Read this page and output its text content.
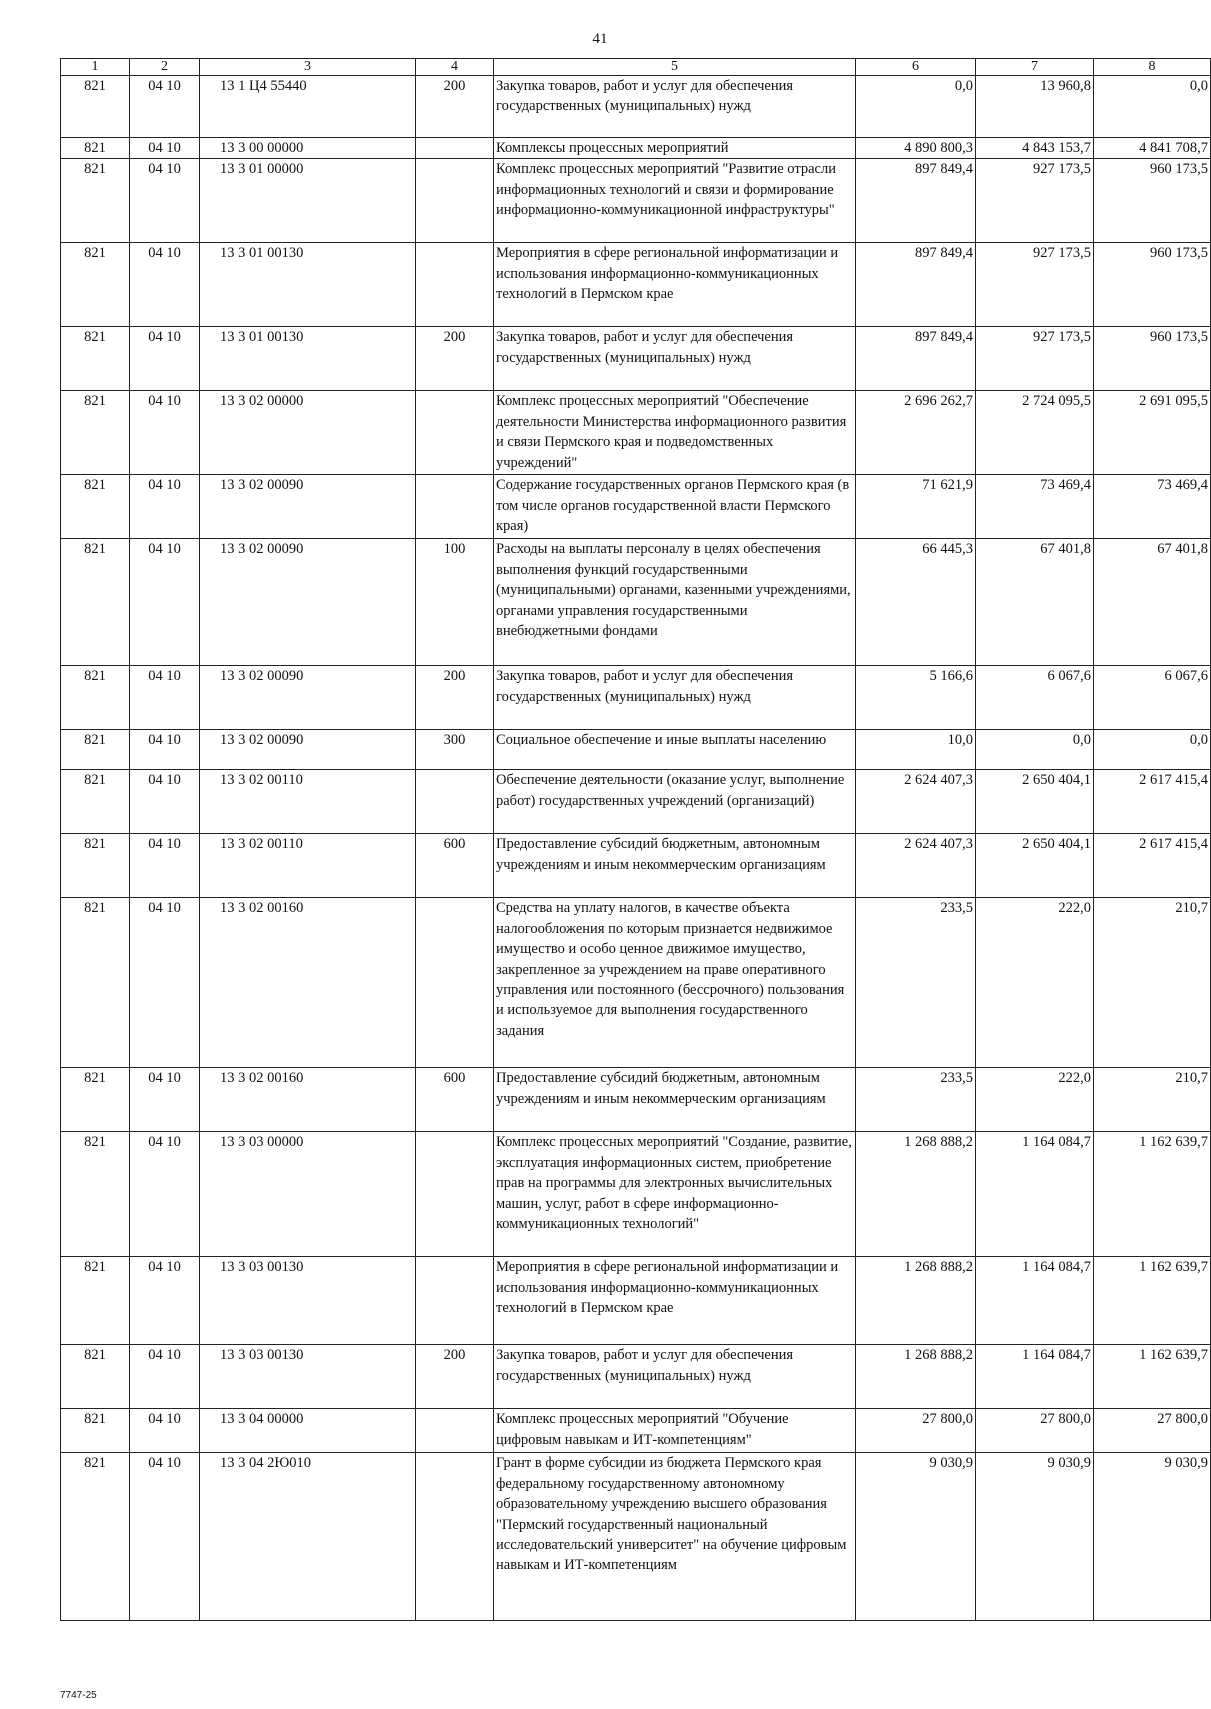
41
1	2	3	4	5	6	7	8
821	04 10	13 1 Ц4 55440	200	Закупка товаров, работ и услуг для обеспечения государственных (муниципальных) нужд	0,0	13 960,8	0,0
821	04 10	13 3 00 00000		Комплексы процессных мероприятий	4 890 800,3	4 843 153,7	4 841 708,7
821	04 10	13 3 01 00000		Комплекс процессных мероприятий "Развитие отрасли информационных технологий и связи и формирование информационно-коммуникационной инфраструктуры"	897 849,4	927 173,5	960 173,5
821	04 10	13 3 01 00130		Мероприятия в сфере региональной информатизации и использования информационно-коммуникационных технологий в Пермском крае	897 849,4	927 173,5	960 173,5
821	04 10	13 3 01 00130	200	Закупка товаров, работ и услуг для обеспечения государственных (муниципальных) нужд	897 849,4	927 173,5	960 173,5
821	04 10	13 3 02 00000		Комплекс процессных мероприятий "Обеспечение деятельности Министерства информационного развития и связи Пермского края и подведомственных учреждений"	2 696 262,7	2 724 095,5	2 691 095,5
821	04 10	13 3 02 00090		Содержание государственных органов Пермского края (в том числе органов государственной власти Пермского края)	71 621,9	73 469,4	73 469,4
821	04 10	13 3 02 00090	100	Расходы на выплаты персоналу в целях обеспечения выполнения функций государственными (муниципальными) органами, казенными учреждениями, органами управления государственными внебюджетными фондами	66 445,3	67 401,8	67 401,8
821	04 10	13 3 02 00090	200	Закупка товаров, работ и услуг для обеспечения государственных (муниципальных) нужд	5 166,6	6 067,6	6 067,6
821	04 10	13 3 02 00090	300	Социальное обеспечение и иные выплаты населению	10,0	0,0	0,0
821	04 10	13 3 02 00110		Обеспечение деятельности (оказание услуг, выполнение работ) государственных учреждений (организаций)	2 624 407,3	2 650 404,1	2 617 415,4
821	04 10	13 3 02 00110	600	Предоставление субсидий бюджетным, автономным учреждениям и иным некоммерческим организациям	2 624 407,3	2 650 404,1	2 617 415,4
821	04 10	13 3 02 00160		Средства на уплату налогов, в качестве объекта налогообложения по которым признается недвижимое имущество и особо ценное движимое имущество, закрепленное за учреждением на праве оперативного управления или постоянного (бессрочного) пользования и используемое для выполнения государственного задания	233,5	222,0	210,7
821	04 10	13 3 02 00160	600	Предоставление субсидий бюджетным, автономным учреждениям и иным некоммерческим организациям	233,5	222,0	210,7
821	04 10	13 3 03 00000		Комплекс процессных мероприятий "Создание, развитие, эксплуатация информационных систем, приобретение прав на программы для электронных вычислительных машин, услуг, работ в сфере информационно-коммуникационных технологий"	1 268 888,2	1 164 084,7	1 162 639,7
821	04 10	13 3 03 00130		Мероприятия в сфере региональной информатизации и использования информационно-коммуникационных технологий в Пермском крае	1 268 888,2	1 164 084,7	1 162 639,7
821	04 10	13 3 03 00130	200	Закупка товаров, работ и услуг для обеспечения государственных (муниципальных) нужд	1 268 888,2	1 164 084,7	1 162 639,7
821	04 10	13 3 04 00000		Комплекс процессных мероприятий "Обучение цифровым навыкам и ИТ-компетенциям"	27 800,0	27 800,0	27 800,0
821	04 10	13 3 04 2Ю010		Грант в форме субсидии из бюджета Пермского края федеральному государственному автономному образовательному учреждению высшего образования "Пермский государственный национальный исследовательский университет" на обучение цифровым навыкам и ИТ-компетенциям	9 030,9	9 030,9	9 030,9
7747-25
